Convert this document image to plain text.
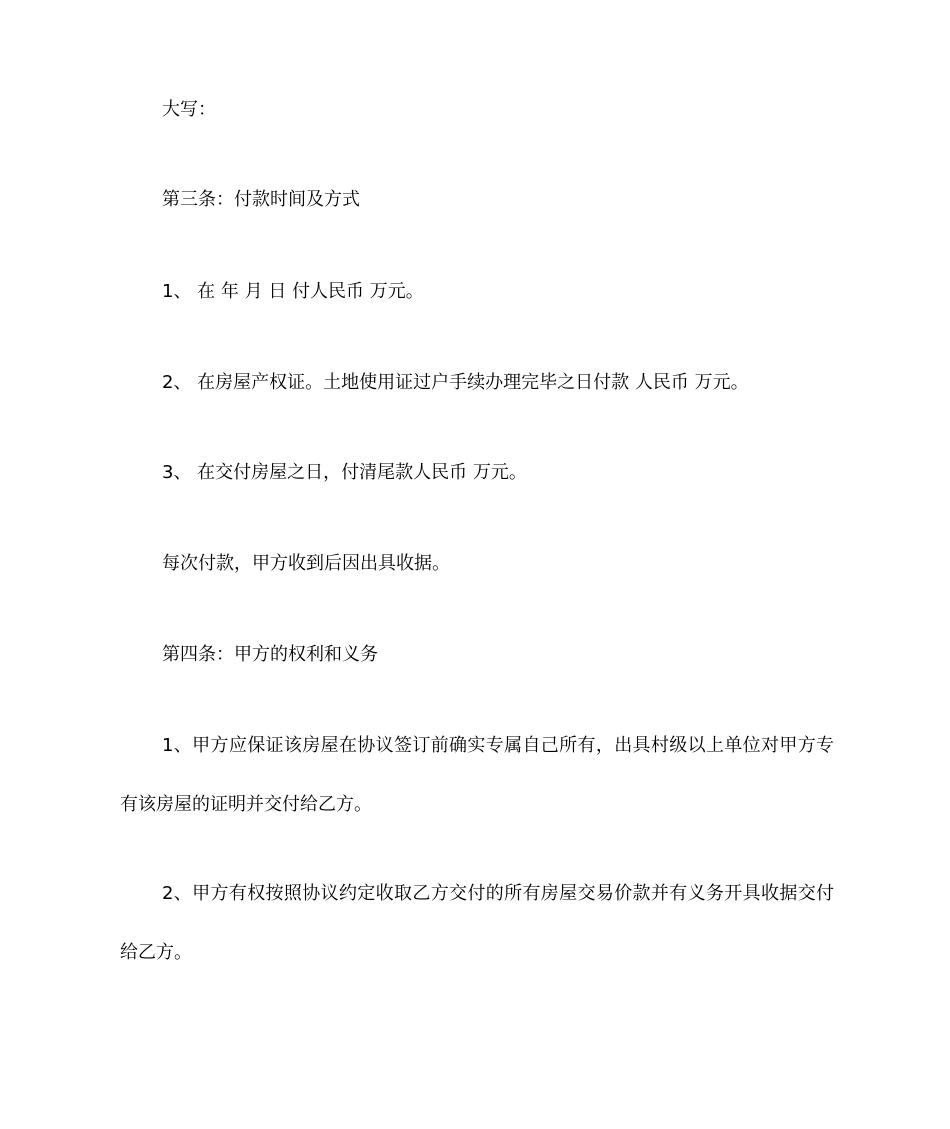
大写：
第三条：付款时间及方式
1、 在 年 月 日 付人民币 万元。
2、 在房屋产权证。土地使用证过户手续办理完毕之日付款 人民币 万元。
3、 在交付房屋之日，付清尾款人民币 万元。
每次付款，甲方收到后因出具收据。
第四条：甲方的权利和义务
1、甲方应保证该房屋在协议签订前确实专属自己所有，出具村级以上单位对甲方专
有该房屋的证明并交付给乙方。
2、甲方有权按照协议约定收取乙方交付的所有房屋交易价款并有义务开具收据交付
给乙方。
